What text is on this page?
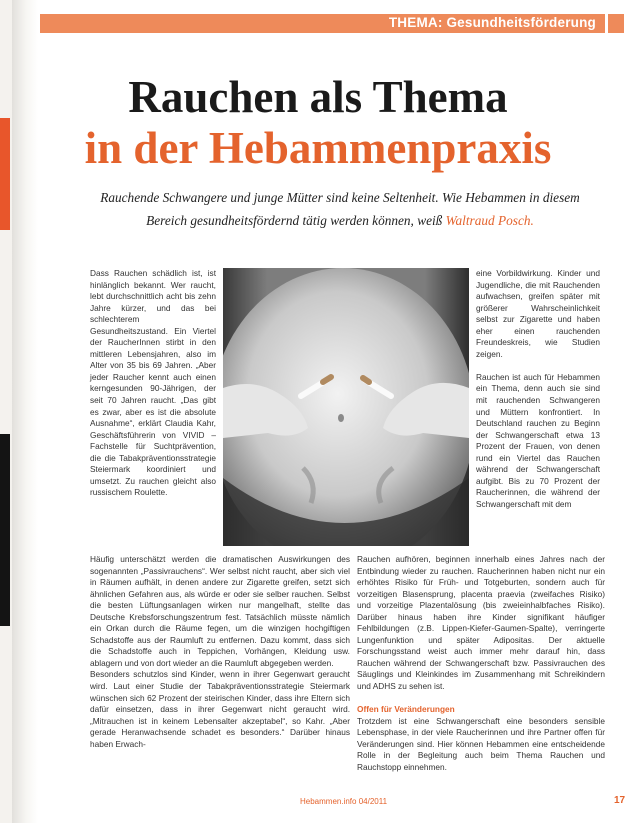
THEMA: Gesundheitsförderung
Rauchen als Thema
in der Hebammenpraxis

Rauchende Schwangere und junge Mütter sind keine Seltenheit. Wie Hebammen in diesem Bereich gesundheitsfördernd tätig werden können, weiß Waltraud Posch.

Dass Rauchen schädlich ist, ist hinlänglich bekannt. Wer raucht, lebt durchschnittlich acht bis zehn Jahre kürzer, und das bei schlechterem Gesundheitszustand. Ein Viertel der RaucherInnen stirbt in den mittleren Lebensjahren, also im Alter von 35 bis 69 Jahren. „Aber jeder Raucher kennt auch einen kerngesunden 90-Jährigen, der seit 70 Jahren raucht. „Das gibt es zwar, aber es ist die absolute Ausnahme“, erklärt Claudia Kahr, Geschäftsführerin von VIVID – Fachstelle für Suchtprävention, die die Tabakpräventionsstrategie Steiermark koordiniert und umsetzt. Zu rauchen gleicht also russischem Roulette.

eine Vorbildwirkung. Kinder und Jugendliche, die mit Rauchenden aufwachsen, greifen später mit größerer Wahrscheinlichkeit selbst zur Zigarette und haben eher einen rauchenden Freundeskreis, wie Studien zeigen.

Rauchen ist auch für Hebammen ein Thema, denn auch sie sind mit rauchenden Schwangeren und Müttern konfrontiert. In Deutschland rauchen zu Beginn der Schwangerschaft etwa 13 Prozent der Frauen, von denen rund ein Viertel das Rauchen während der Schwangerschaft aufgibt. Bis zu 70 Prozent der Raucherinnen, die während der Schwangerschaft mit dem

Häufig unterschätzt werden die dramatischen Auswirkungen des sogenannten „Passivrauchens“. Wer selbst nicht raucht, aber sich viel in Räumen aufhält, in denen andere zur Zigarette greifen, setzt sich ähnlichen Gefahren aus, als würde er oder sie selber rauchen. Selbst die besten Lüftungsanlagen wirken nur mangelhaft, stellte das Deutsche Krebsforschungszentrum fest. Tatsächlich müsste nämlich ein Orkan durch die Räume fegen, um die winzigen hochgiftigen Schadstoffe aus der Raumluft zu entfernen. Dazu kommt, dass sich die Schadstoffe auch in Teppichen, Vorhängen, Kleidung usw. ablagern und von dort wieder an die Raumluft abgegeben werden.

Besonders schutzlos sind Kinder, wenn in ihrer Gegenwart geraucht wird. Laut einer Studie der Tabakpräventionsstrategie Steiermark wünschen sich 62 Prozent der steirischen Kinder, dass ihre Eltern sich dafür einsetzen, dass in ihrer Gegenwart nicht geraucht wird. „Mitrauchen ist in keinem Lebensalter akzeptabel“, so Kahr. „Aber gerade Heranwachsende schadet es besonders.“ Darüber hinaus haben Erwach-

Rauchen aufhören, beginnen innerhalb eines Jahres nach der Entbindung wieder zu rauchen. Raucherinnen haben nicht nur ein erhöhtes Risiko für Früh- und Totgeburten, sondern auch für vorzeitigen Blasensprung, placenta praevia (zweifaches Risiko) und vorzeitige Plazentalösung (bis zweieinhalbfaches Risiko). Darüber hinaus haben ihre Kinder signifikant häufiger Fehlbildungen (z.B. Lippen-Kiefer-Gaumen-Spalte), verringerte Lungenfunktion und später Adipositas. Der aktuelle Forschungsstand weist auch immer mehr darauf hin, dass Rauchen während der Schwangerschaft bzw. Passivrauchen des Säuglings und Kleinkindes im Zusammenhang mit Schreikindern und ADHS zu sehen ist.

Offen für Veränderungen

Trotzdem ist eine Schwangerschaft eine besonders sensible Lebensphase, in der viele Raucherinnen und ihre Partner offen für Veränderungen sind. Hier können Hebammen eine entscheidende Rolle in der Begleitung auch beim Thema Rauchen und Rauchstopp einnehmen.

Hebammen.info 04/2011	17
